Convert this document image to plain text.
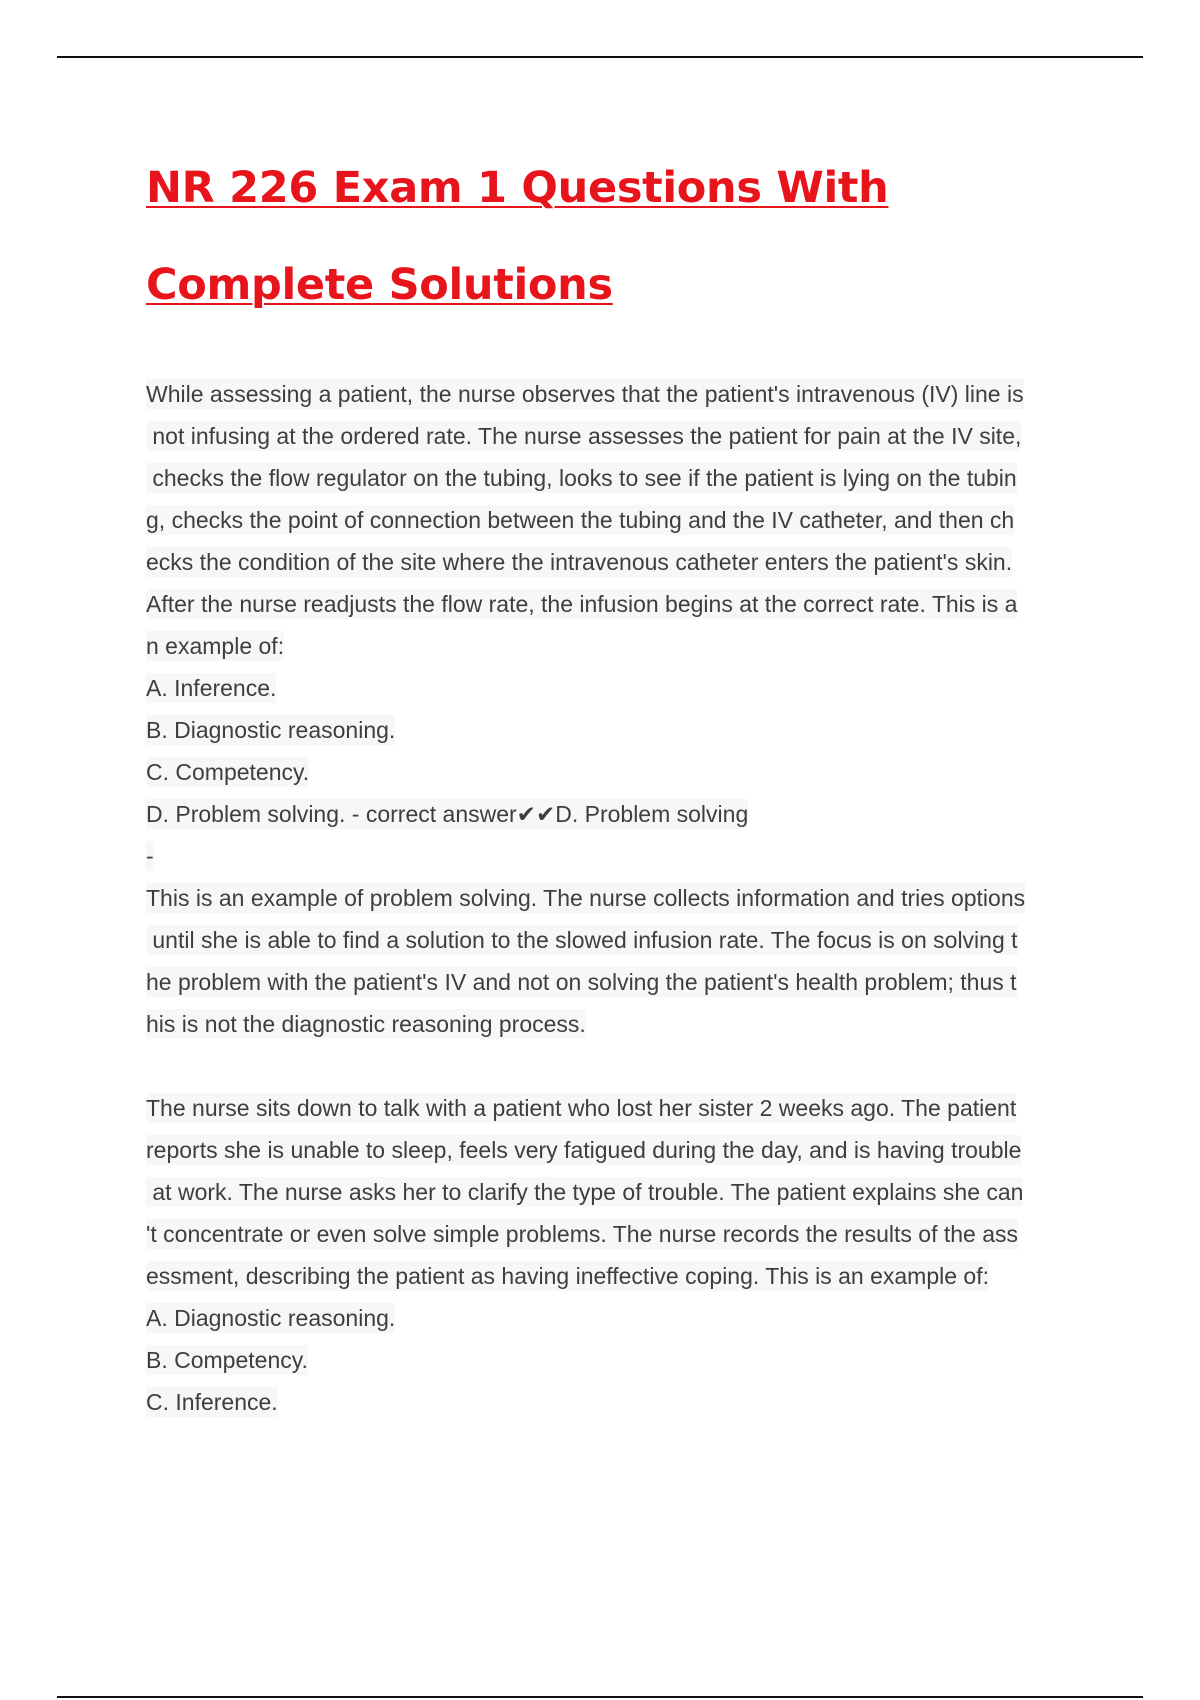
NR 226 Exam 1 Questions With Complete Solutions
While assessing a patient, the nurse observes that the patient's intravenous (IV) line is
not infusing at the ordered rate. The nurse assesses the patient for pain at the IV site,
checks the flow regulator on the tubing, looks to see if the patient is lying on the tubin
g, checks the point of connection between the tubing and the IV catheter, and then ch
ecks the condition of the site where the intravenous catheter enters the patient's skin.
After the nurse readjusts the flow rate, the infusion begins at the correct rate. This is a
n example of:
A. Inference.
B. Diagnostic reasoning.
C. Competency.
D. Problem solving. - correct answer✔✔D. Problem solving
-
This is an example of problem solving. The nurse collects information and tries options
until she is able to find a solution to the slowed infusion rate. The focus is on solving t
he problem with the patient's IV and not on solving the patient's health problem; thus t
his is not the diagnostic reasoning process.
The nurse sits down to talk with a patient who lost her sister 2 weeks ago. The patient
reports she is unable to sleep, feels very fatigued during the day, and is having trouble
at work. The nurse asks her to clarify the type of trouble. The patient explains she can
't concentrate or even solve simple problems. The nurse records the results of the ass
essment, describing the patient as having ineffective coping. This is an example of:
A. Diagnostic reasoning.
B. Competency.
C. Inference.
